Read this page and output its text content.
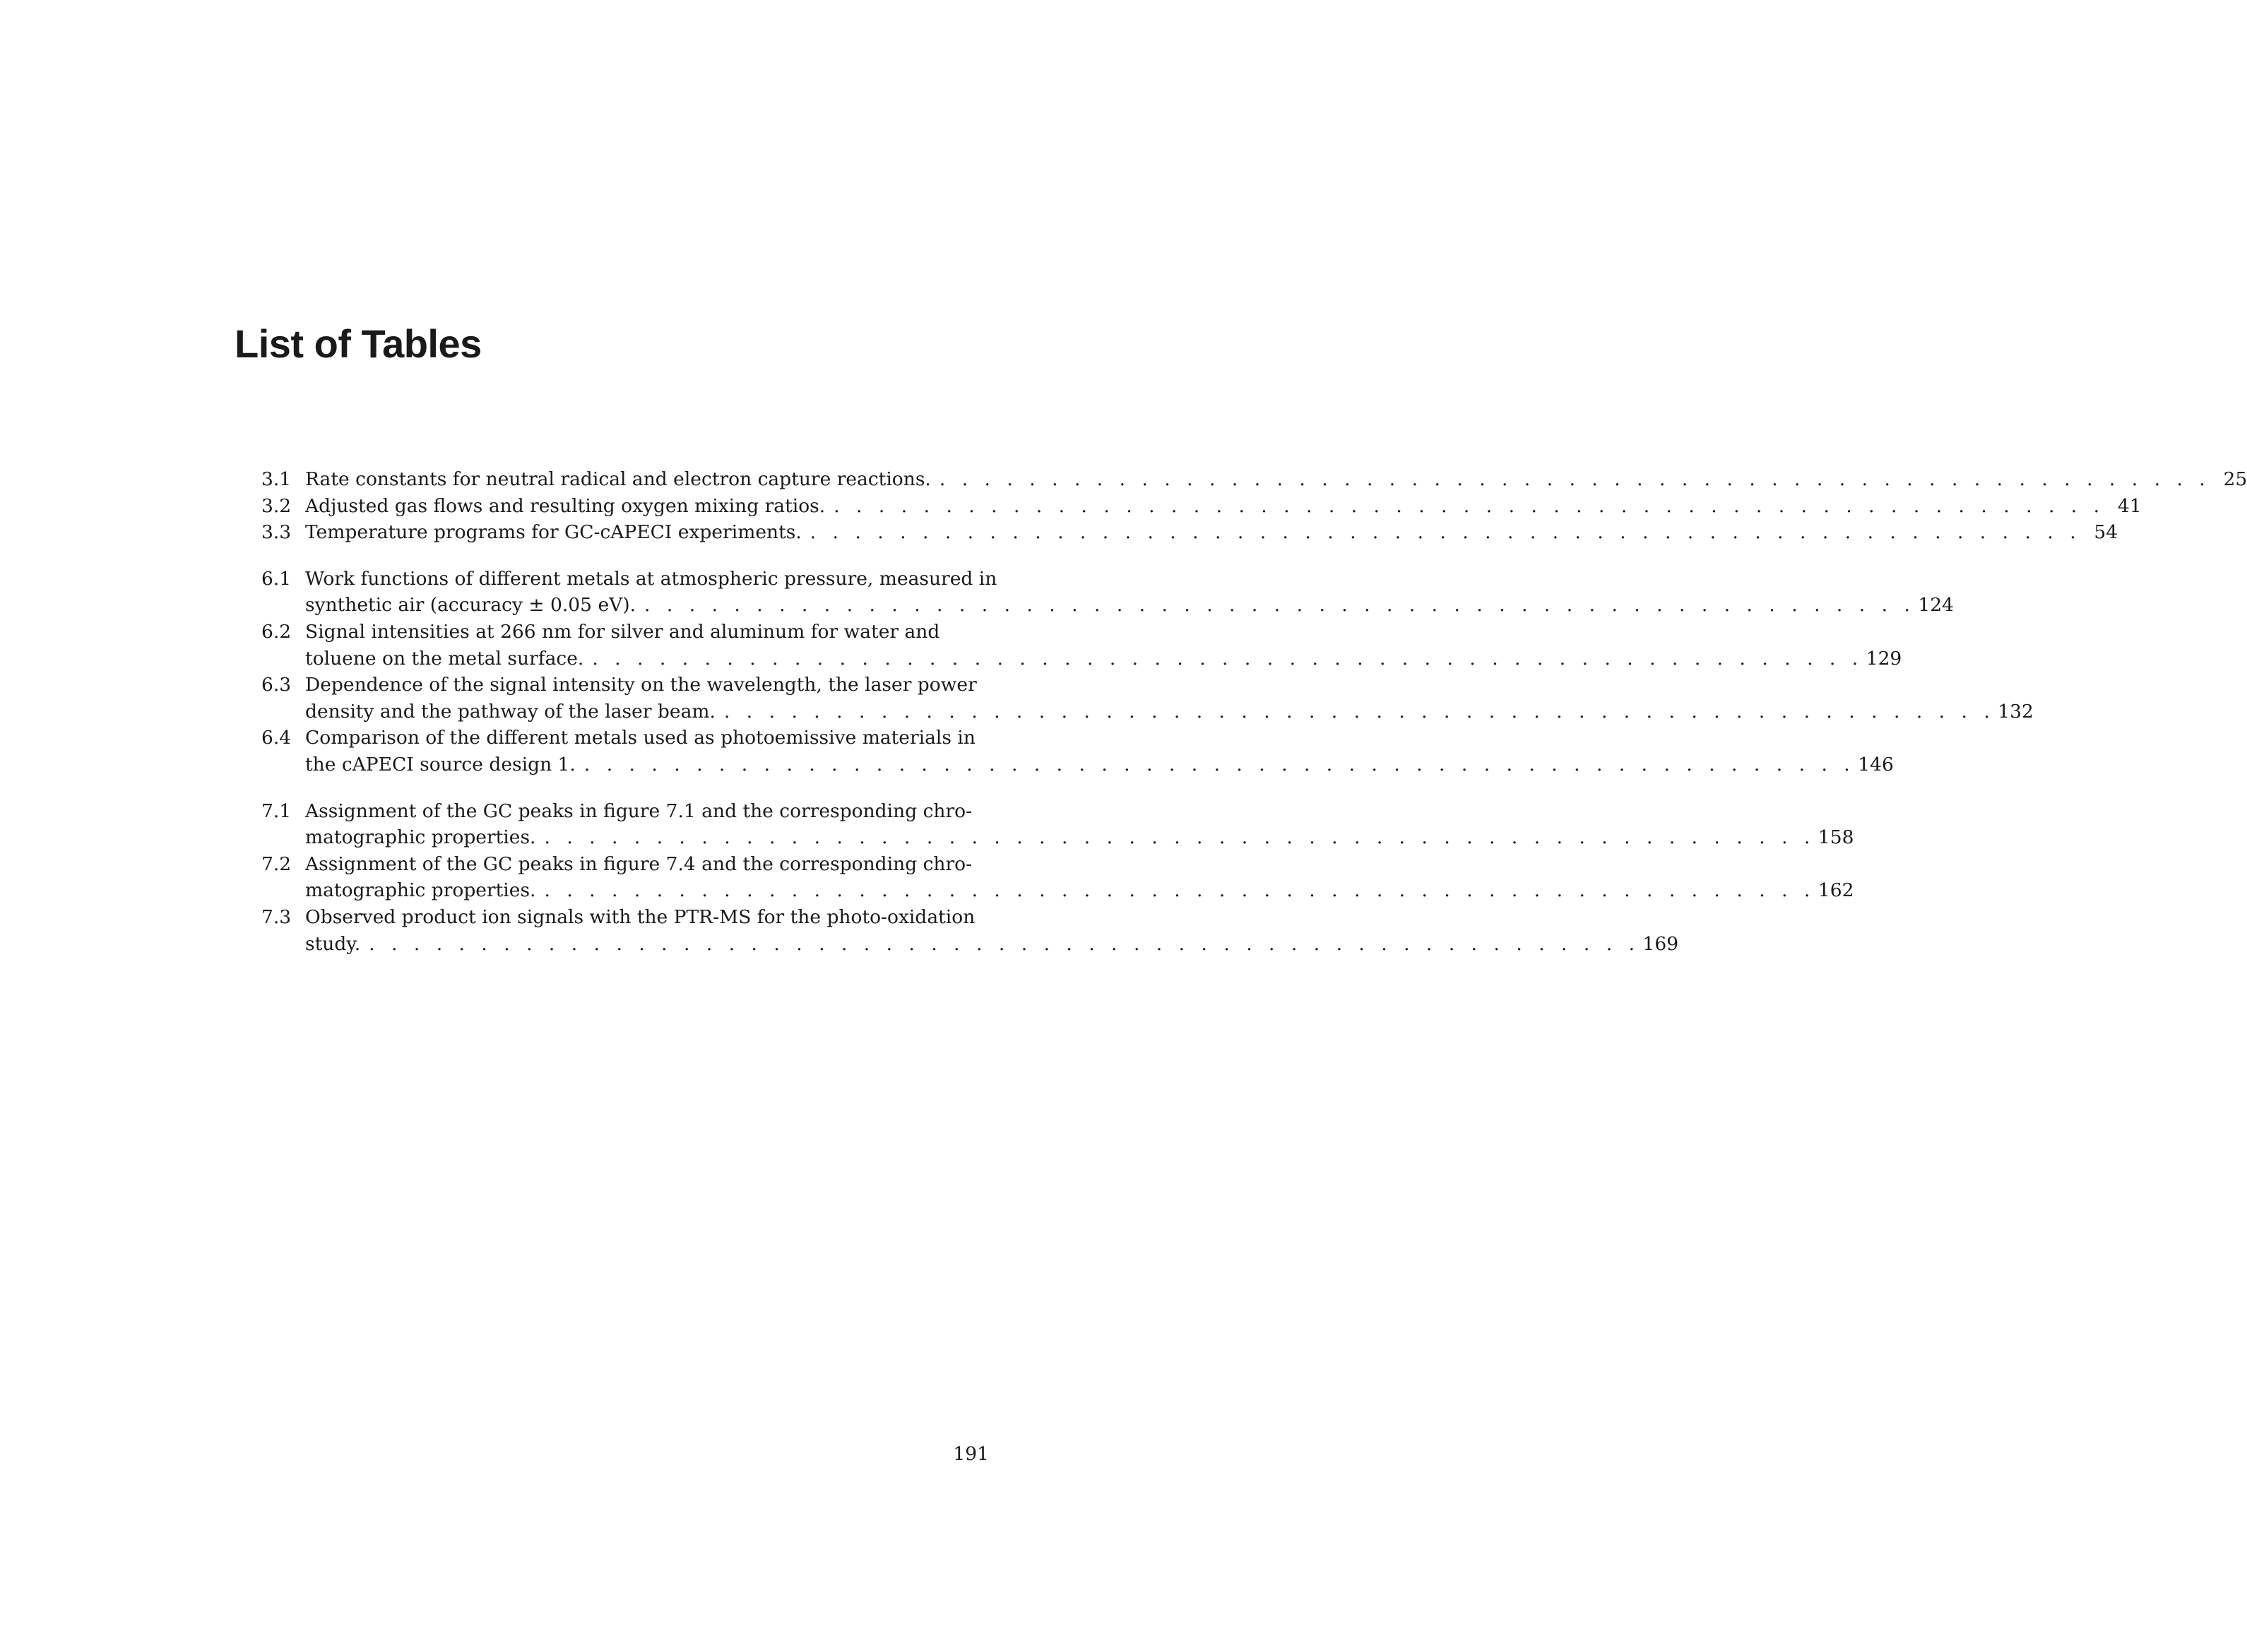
List of Tables
3.1 Rate constants for neutral radical and electron capture reactions. . . . . . . . . . . . . . . . . . . . . . . . . . . . . . . . . . . . . . . . . . . . . . . . . . . . . . . . . . 25
3.2 Adjusted gas flows and resulting oxygen mixing ratios. . . . . . . . . . . . . . . . . . . . . . . . . . . . . . . . . . . . . . . . . . . . . . . . . . . . . . . . . . 41
3.3 Temperature programs for GC-cAPECI experiments. . . . . . . . . . . . . . . . . . . . . . . . . . . . . . . . . . . . . . . . . . . . . . . . . . . . . . . . . . 54
6.1 Work functions of different metals at atmospheric pressure, measured in
synthetic air (accuracy ± 0.05 eV). . . . . . . . . . . . . . . . . . . . . . . . . . . . . . . . . . . . . . . . . . . . . . . . . . . . . . . . . . 124
6.2 Signal intensities at 266 nm for silver and aluminum for water and
toluene on the metal surface. . . . . . . . . . . . . . . . . . . . . . . . . . . . . . . . . . . . . . . . . . . . . . . . . . . . . . . . . . 129
6.3 Dependence of the signal intensity on the wavelength, the laser power
density and the pathway of the laser beam. . . . . . . . . . . . . . . . . . . . . . . . . . . . . . . . . . . . . . . . . . . . . . . . . . . . . . . . . . 132
6.4 Comparison of the different metals used as photoemissive materials in
the cAPECI source design 1. . . . . . . . . . . . . . . . . . . . . . . . . . . . . . . . . . . . . . . . . . . . . . . . . . . . . . . . . . 146
7.1 Assignment of the GC peaks in figure 7.1 and the corresponding chro-
matographic properties. . . . . . . . . . . . . . . . . . . . . . . . . . . . . . . . . . . . . . . . . . . . . . . . . . . . . . . . . . 158
7.2 Assignment of the GC peaks in figure 7.4 and the corresponding chro-
matographic properties. . . . . . . . . . . . . . . . . . . . . . . . . . . . . . . . . . . . . . . . . . . . . . . . . . . . . . . . . . 162
7.3 Observed product ion signals with the PTR-MS for the photo-oxidation
study. . . . . . . . . . . . . . . . . . . . . . . . . . . . . . . . . . . . . . . . . . . . . . . . . . . . . . . . . . 169
191
